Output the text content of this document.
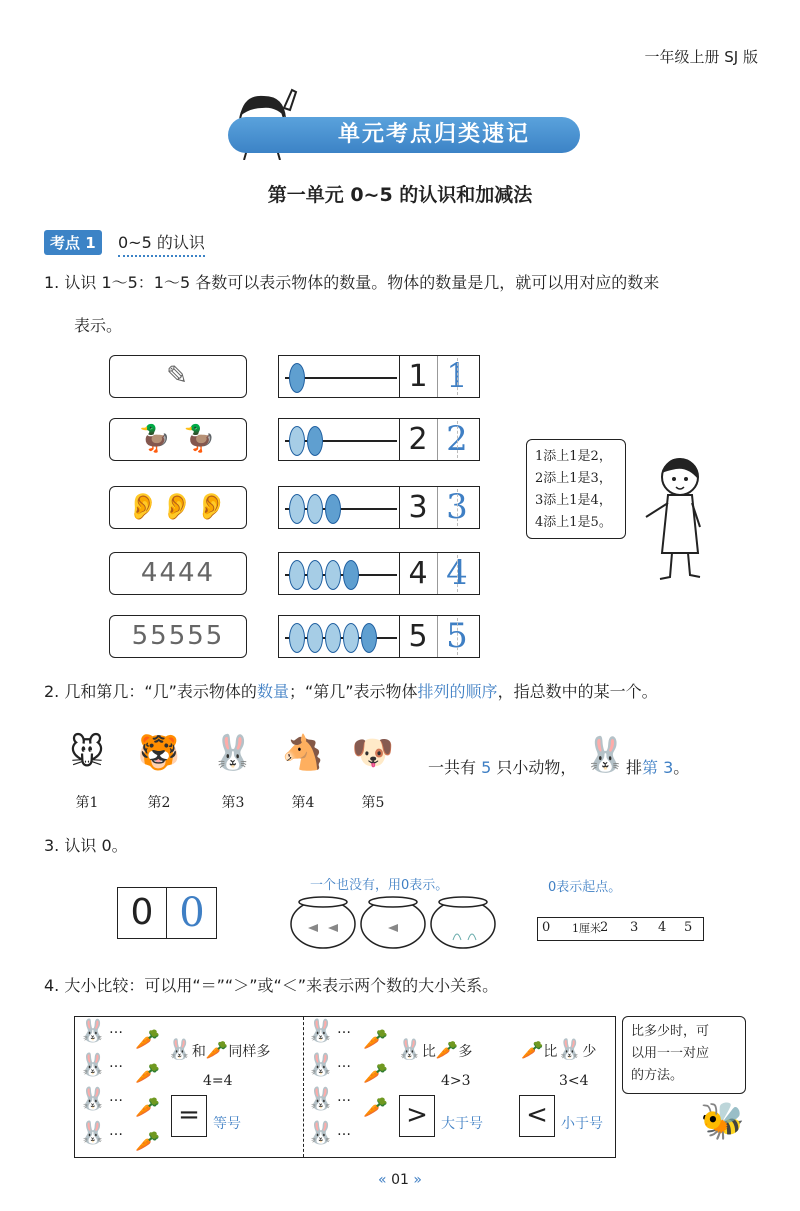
一年级上册 SJ 版
单元考点归类速记
第一单元 0~5 的认识和加减法
考点 1	0~5 的认识
1. 认识 1～5：1～5 各数可以表示物体的数量。物体的数量是几，就可以用对应的数来
表示。
✎	1 1
🦆 🦆	2 2
👂👂👂	3 3
4444	4 4
55555	5 5
1添上1是2，
2添上1是3，
3添上1是4，
4添上1是5。
2. 几和第几：“几”表示物体的数量；“第几”表示物体排列的顺序，指总数中的某一个。
🐭
第1
🐯
第2
🐰
第3
🐴
第4
🐶
第5
一共有 5 只小动物， 🐰 排第 3。
3. 认识 0。
0 0
一个也没有，用0表示。	0表示起点。
0 1厘米 2 3 4 5
4. 大小比较：可以用“＝”“＞”或“＜”来表示两个数的大小关系。
🐰 … 🥕
🐰 … 🥕
🐰 … 🥕
🐰 … 🥕
🐰 … 🥕
🐰 … 🥕
🐰 … 🥕
🐰 …
🐰和🥕同样多
4=4
= 等号
🐰比🥕多
4>3
> 大于号
🥕比🐰少
3<4
< 小于号
比多少时，可
以用一一对应
的方法。
🐝
« 01 »
